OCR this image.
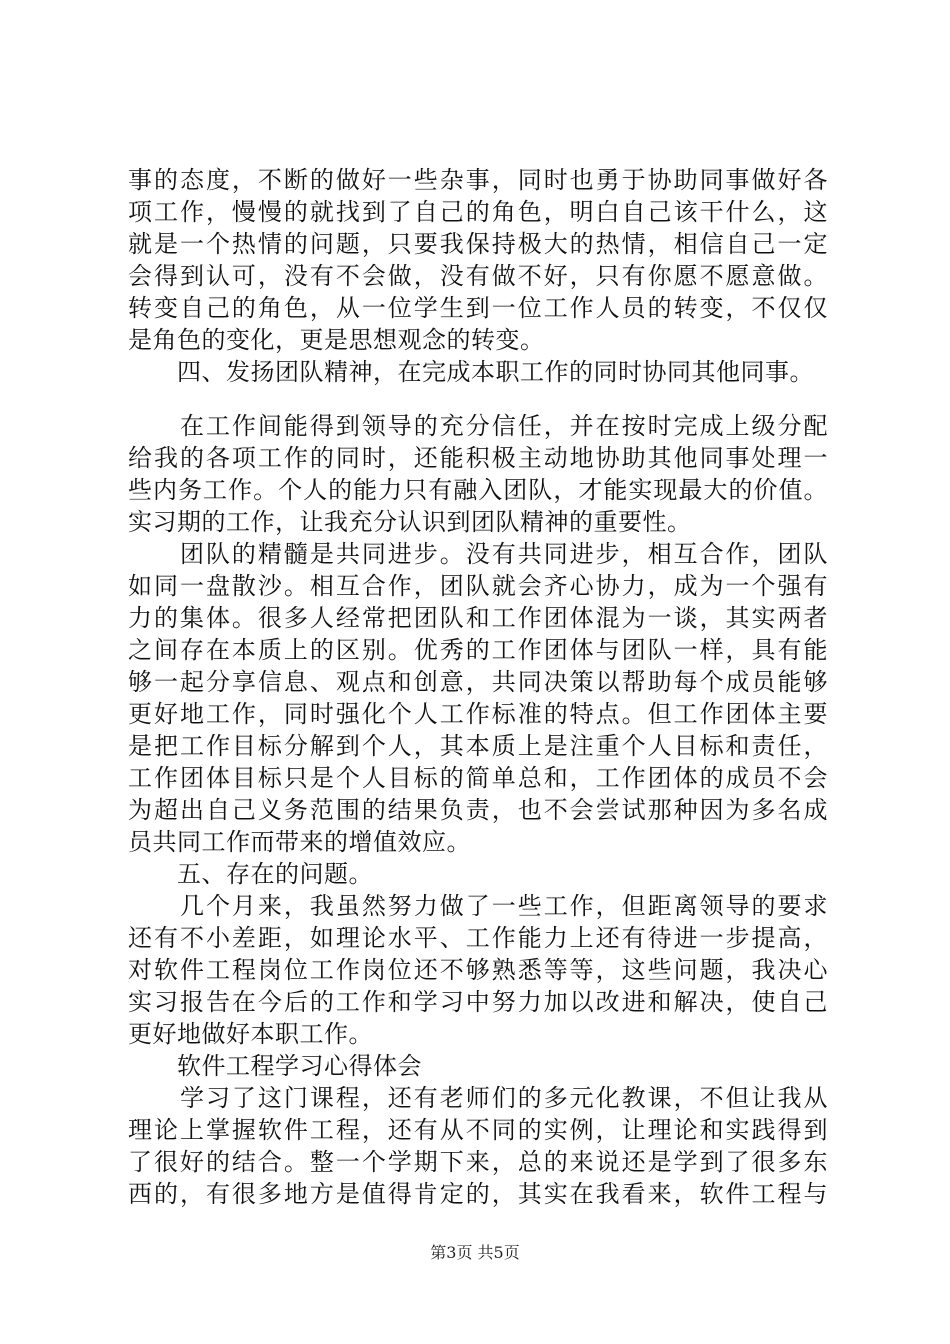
事的态度，不断的做好一些杂事，同时也勇于协助同事做好各
项工作，慢慢的就找到了自己的角色，明白自己该干什么，这
就是一个热情的问题，只要我保持极大的热情，相信自己一定
会得到认可，没有不会做，没有做不好，只有你愿不愿意做。
转变自己的角色，从一位学生到一位工作人员的转变，不仅仅
是角色的变化，更是思想观念的转变。
　　四、发扬团队精神，在完成本职工作的同时协同其他同事。
　　在工作间能得到领导的充分信任，并在按时完成上级分配
给我的各项工作的同时，还能积极主动地协助其他同事处理一
些内务工作。个人的能力只有融入团队，才能实现最大的价值。
实习期的工作，让我充分认识到团队精神的重要性。
　　团队的精髓是共同进步。没有共同进步，相互合作，团队
如同一盘散沙。相互合作，团队就会齐心协力，成为一个强有
力的集体。很多人经常把团队和工作团体混为一谈，其实两者
之间存在本质上的区别。优秀的工作团体与团队一样，具有能
够一起分享信息、观点和创意，共同决策以帮助每个成员能够
更好地工作，同时强化个人工作标准的特点。但工作团体主要
是把工作目标分解到个人，其本质上是注重个人目标和责任，
工作团体目标只是个人目标的简单总和，工作团体的成员不会
为超出自己义务范围的结果负责，也不会尝试那种因为多名成
员共同工作而带来的增值效应。
　　五、存在的问题。
　　几个月来，我虽然努力做了一些工作，但距离领导的要求
还有不小差距，如理论水平、工作能力上还有待进一步提高，
对软件工程岗位工作岗位还不够熟悉等等，这些问题，我决心
实习报告在今后的工作和学习中努力加以改进和解决，使自己
更好地做好本职工作。
　　软件工程学习心得体会
　　学习了这门课程，还有老师们的多元化教课，不但让我从
理论上掌握软件工程，还有从不同的实例，让理论和实践得到
了很好的结合。整一个学期下来，总的来说还是学到了很多东
西的，有很多地方是值得肯定的，其实在我看来，软件工程与
第3页 共5页
